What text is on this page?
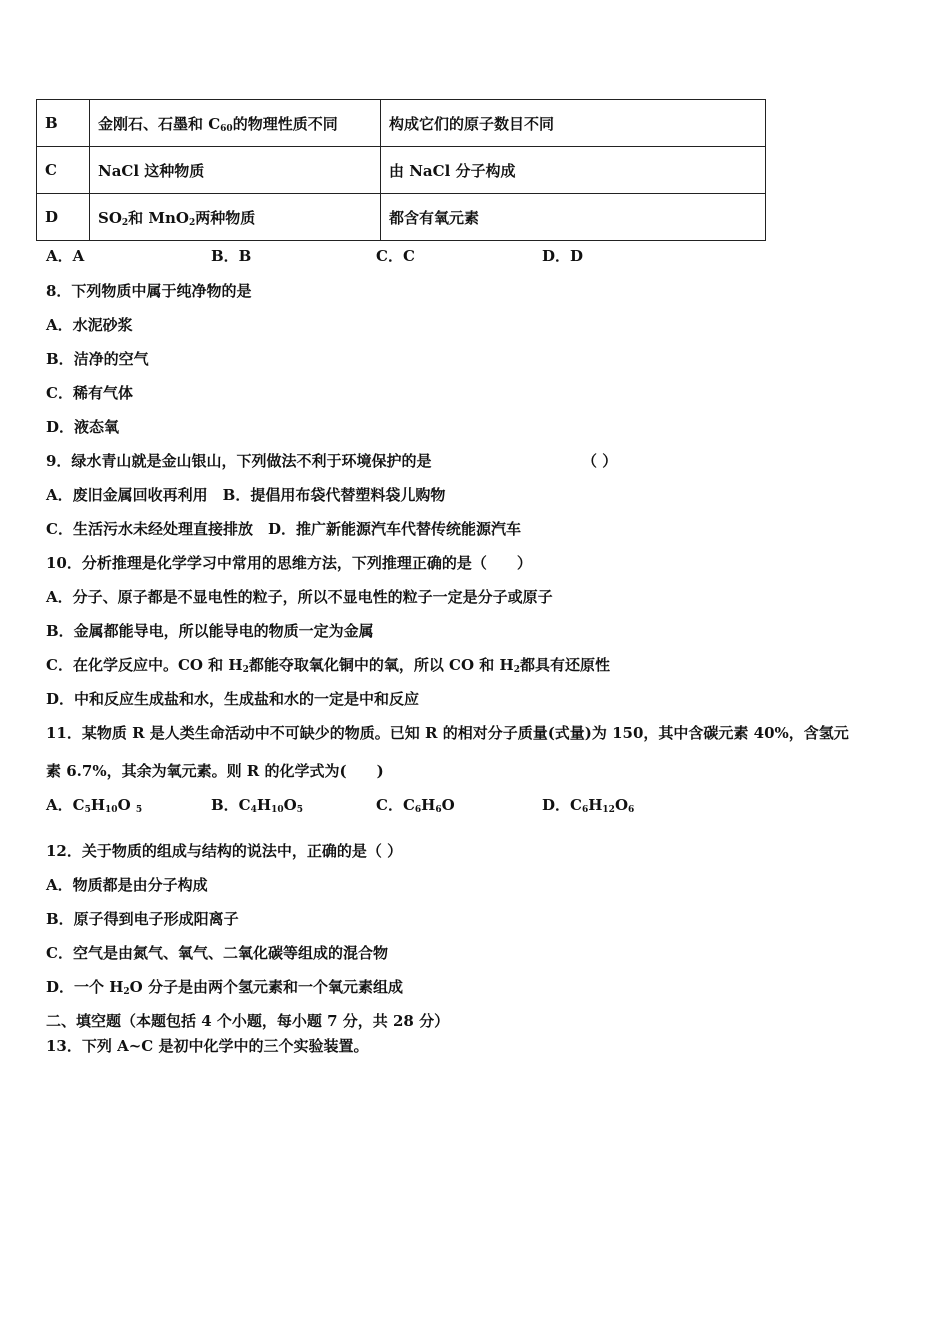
B	金刚石、石墨和 $C_{60}$的物理性质不同	构成它们的原子数目不同
C	NaCl 这种物质	由 NaCl 分子构成
D	$SO_2$和 MnO$_2$两种物质	都含有氧元素
A．A	B．B	C．C	D．D
8．下列物质中属于纯净物的是
A．水泥砂浆
B．洁净的空气
C．稀有气体
D．液态氧
9．绿水青山就是金山银山，下列做法不利于环境保护的是	（ ）
A．废旧金属回收再利用　B．提倡用布袋代替塑料袋儿购物
C．生活污水未经处理直接排放　D．推广新能源汽车代替传统能源汽车
10．分析推理是化学学习中常用的思维方法，下列推理正确的是（　　）
A．分子、原子都是不显电性的粒子，所以不显电性的粒子一定是分子或原子
B．金属都能导电，所以能导电的物质一定为金属
C．在化学反应中。CO 和 $H_2$都能夺取氧化铜中的氧，所以 CO 和 $H_2$都具有还原性
D．中和反应生成盐和水，生成盐和水的一定是中和反应
11．某物质 R 是人类生命活动中不可缺少的物质。已知 R 的相对分子质量(式量)为 150，其中含碳元素 40%，含氢元
素 6.7%，其余为氧元素。则 R 的化学式为(　　)
A．$C_5H_{10}O$ $_5$	B．$C_4H_{10}O_5$	C．$C_6H_6O$	D．$C_6H_{12}O_6$
12．关于物质的组成与结构的说法中，正确的是（ ）
A．物质都是由分子构成
B．原子得到电子形成阳离子
C．空气是由氮气、氧气、二氧化碳等组成的混合物
D．一个 $H_2O$ 分子是由两个氢元素和一个氧元素组成
二、填空题（本题包括 4 个小题，每小题 7 分，共 28 分）
13．下列 A~C 是初中化学中的三个实验装置。
